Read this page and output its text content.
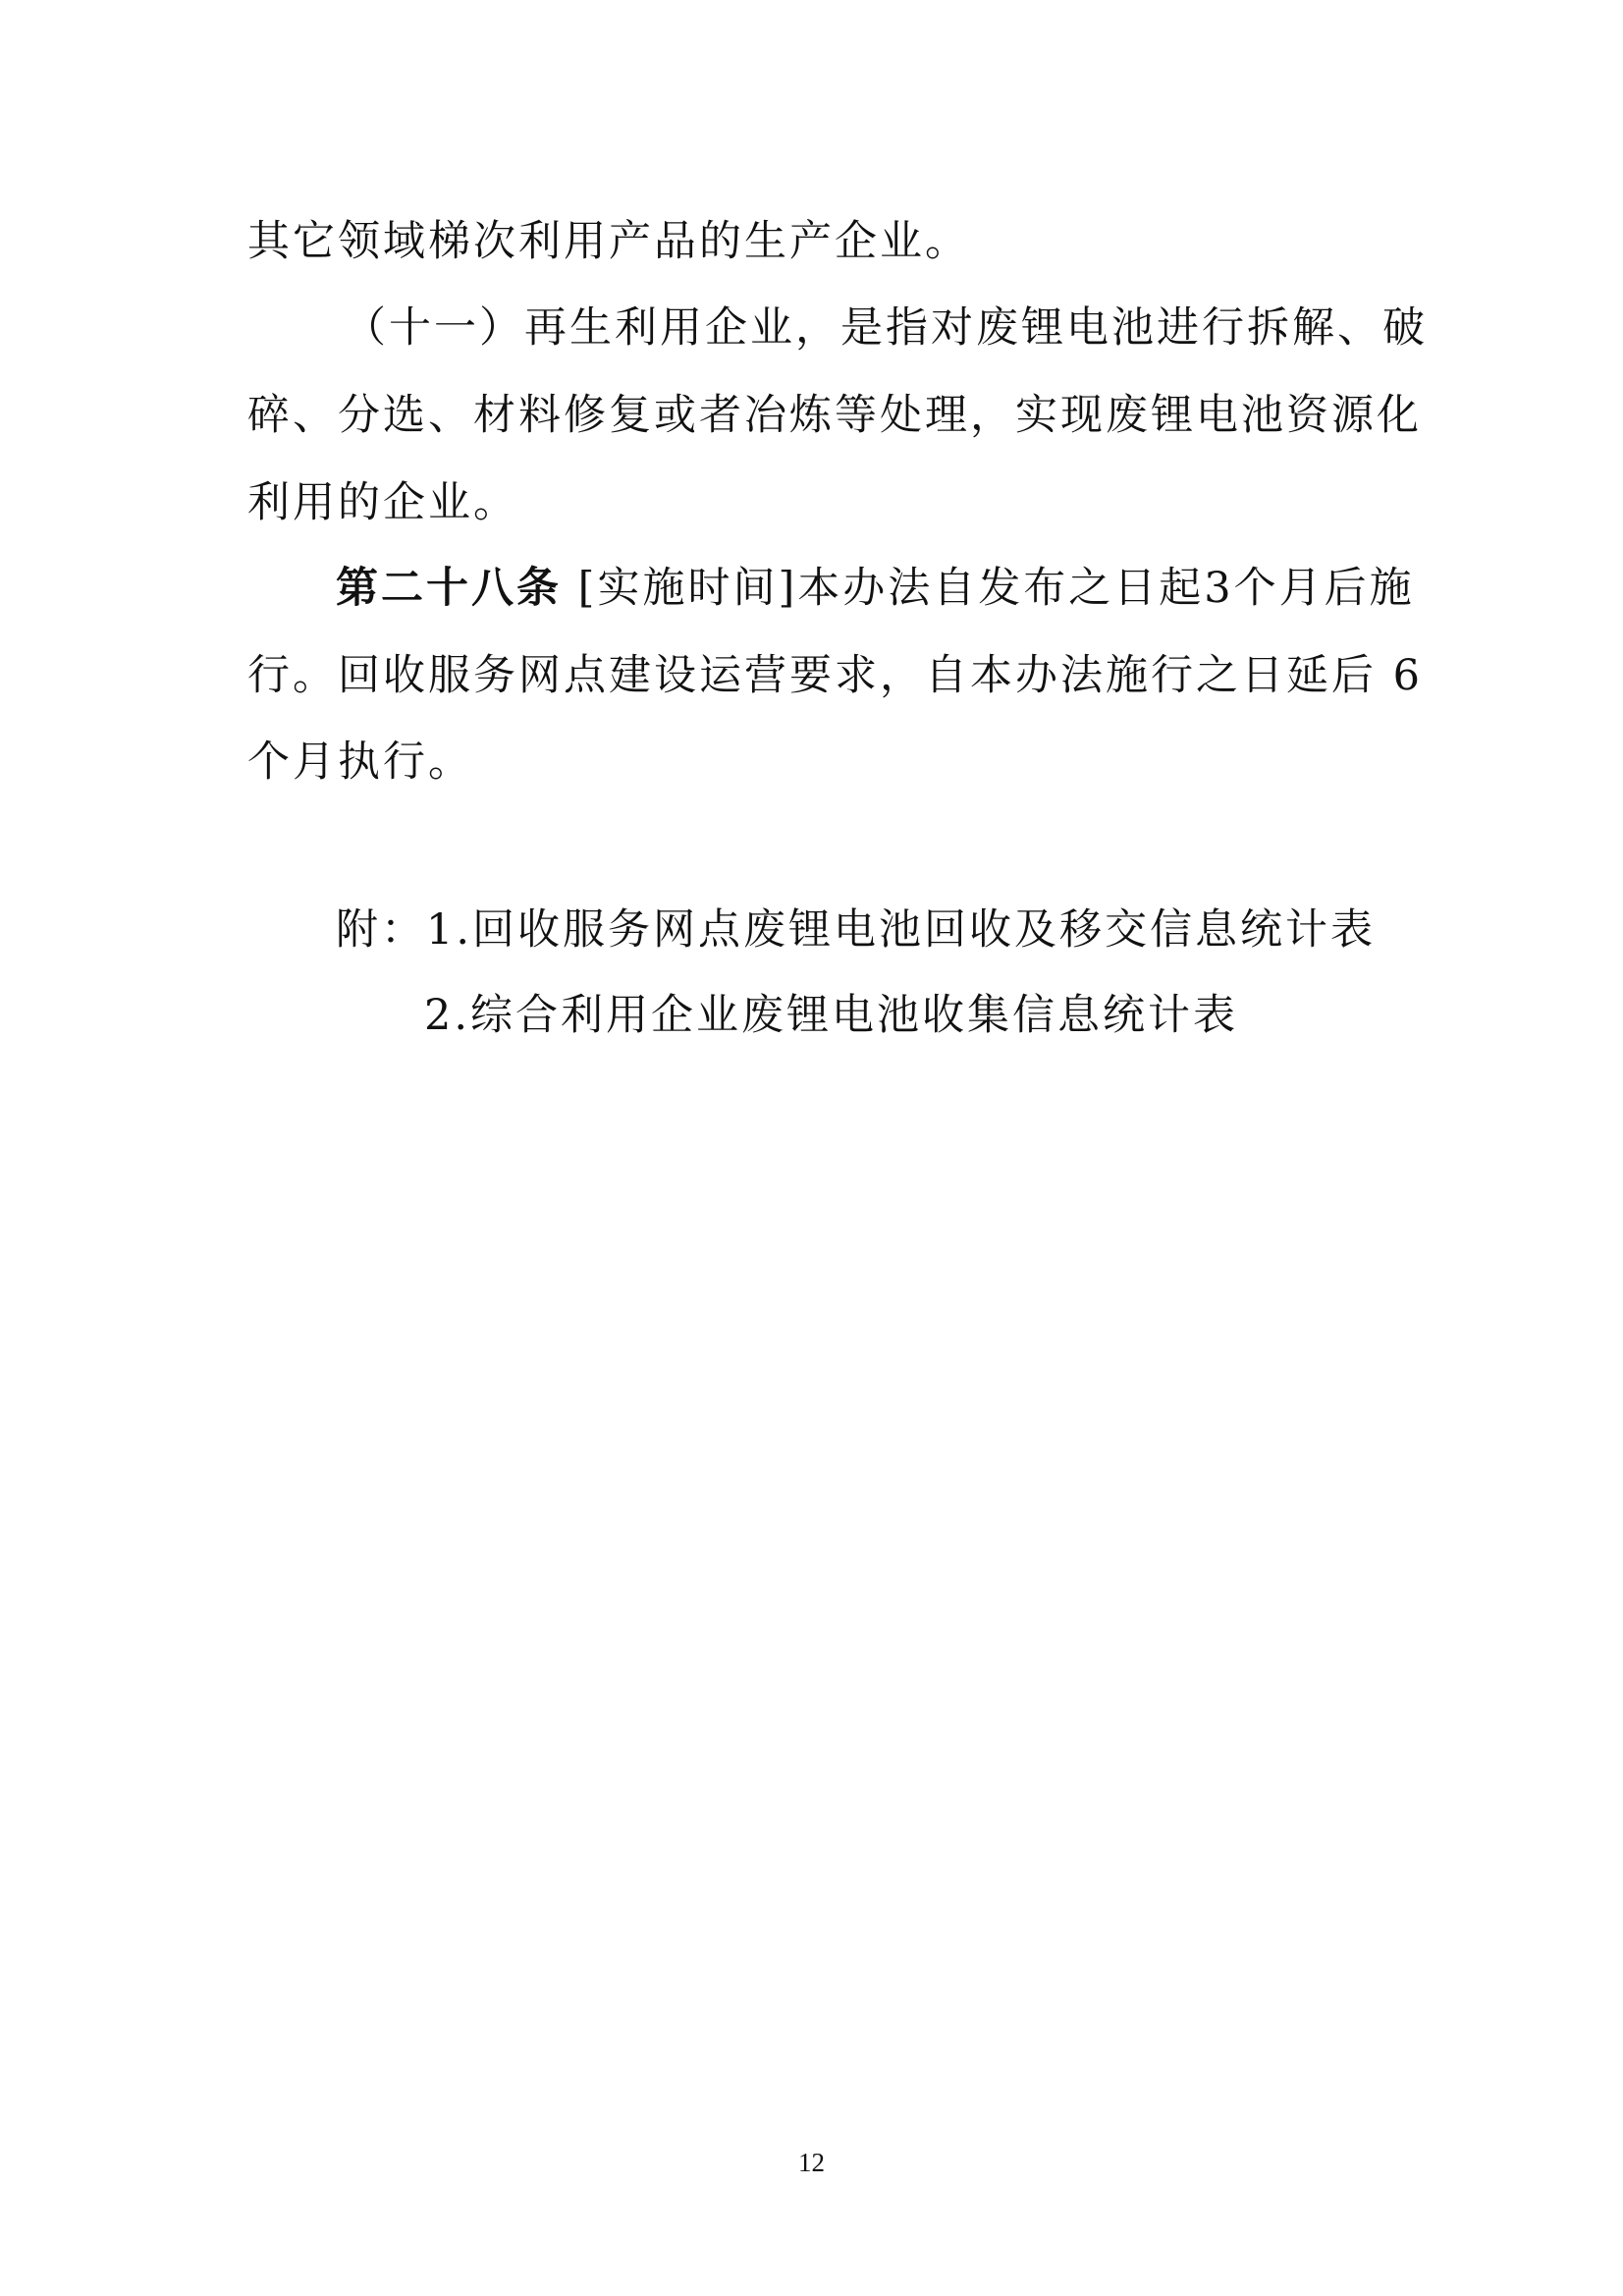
其它领域梯次利用产品的生产企业。
（十一）再生利用企业，是指对废锂电池进行拆解、破
碎、分选、材料修复或者冶炼等处理，实现废锂电池资源化
利用的企业。
第二十八条 [实施时间]本办法自发布之日起3个月后施
行。回收服务网点建设运营要求，自本办法施行之日延后 6
个月执行。
附：1.回收服务网点废锂电池回收及移交信息统计表
2.综合利用企业废锂电池收集信息统计表
12
